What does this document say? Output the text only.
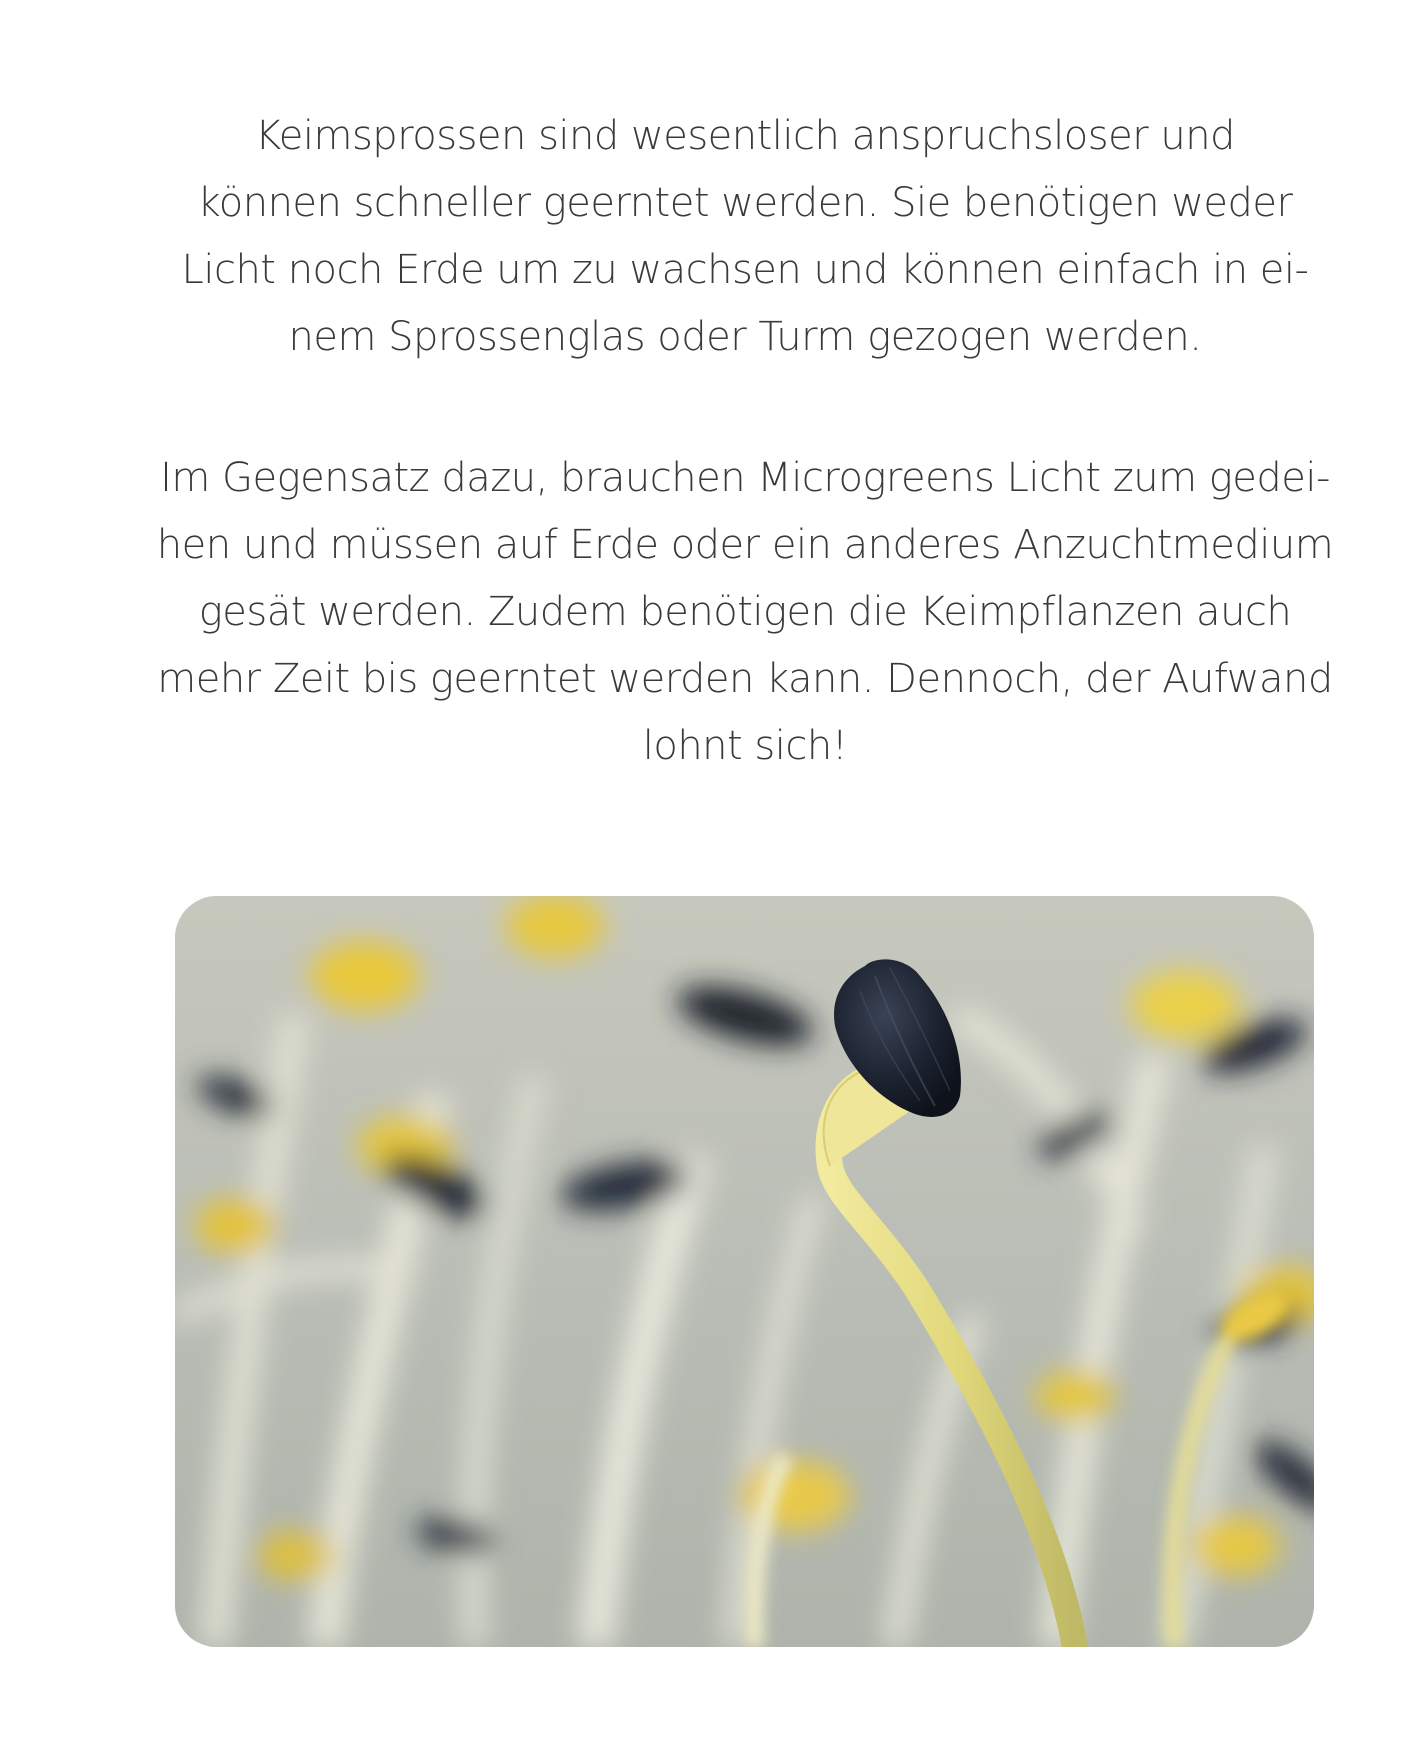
Keimsprossen sind wesentlich anspruchsloser und
können schneller geerntet werden. Sie benötigen weder
Licht noch Erde um zu wachsen und können einfach in ei-
nem Sprossenglas oder Turm gezogen werden.
Im Gegensatz dazu, brauchen Microgreens Licht zum gedei-
hen und müssen auf Erde oder ein anderes Anzuchtmedium
gesät werden. Zudem benötigen die Keimpflanzen auch
mehr Zeit bis geerntet werden kann. Dennoch, der Aufwand
lohnt sich!
